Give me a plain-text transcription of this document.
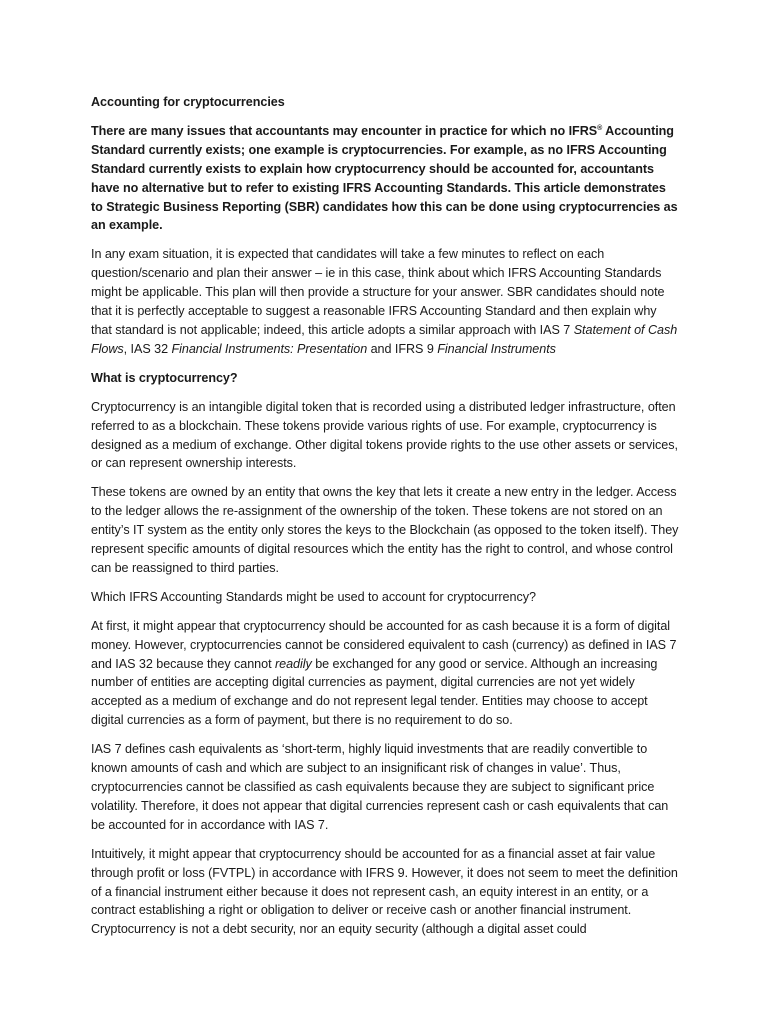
Accounting for cryptocurrencies

There are many issues that accountants may encounter in practice for which no IFRS® Accounting Standard currently exists; one example is cryptocurrencies. For example, as no IFRS Accounting Standard currently exists to explain how cryptocurrency should be accounted for, accountants have no alternative but to refer to existing IFRS Accounting Standards. This article demonstrates to Strategic Business Reporting (SBR) candidates how this can be done using cryptocurrencies as an example.

In any exam situation, it is expected that candidates will take a few minutes to reflect on each question/scenario and plan their answer – ie in this case, think about which IFRS Accounting Standards might be applicable. This plan will then provide a structure for your answer. SBR candidates should note that it is perfectly acceptable to suggest a reasonable IFRS Accounting Standard and then explain why that standard is not applicable; indeed, this article adopts a similar approach with IAS 7 Statement of Cash Flows, IAS 32 Financial Instruments: Presentation and IFRS 9 Financial Instruments

What is cryptocurrency?

Cryptocurrency is an intangible digital token that is recorded using a distributed ledger infrastructure, often referred to as a blockchain. These tokens provide various rights of use. For example, cryptocurrency is designed as a medium of exchange. Other digital tokens provide rights to the use other assets or services, or can represent ownership interests.

These tokens are owned by an entity that owns the key that lets it create a new entry in the ledger. Access to the ledger allows the re-assignment of the ownership of the token. These tokens are not stored on an entity’s IT system as the entity only stores the keys to the Blockchain (as opposed to the token itself). They represent specific amounts of digital resources which the entity has the right to control, and whose control can be reassigned to third parties.

Which IFRS Accounting Standards might be used to account for cryptocurrency?

At first, it might appear that cryptocurrency should be accounted for as cash because it is a form of digital money. However, cryptocurrencies cannot be considered equivalent to cash (currency) as defined in IAS 7 and IAS 32 because they cannot readily be exchanged for any good or service. Although an increasing number of entities are accepting digital currencies as payment, digital currencies are not yet widely accepted as a medium of exchange and do not represent legal tender. Entities may choose to accept digital currencies as a form of payment, but there is no requirement to do so.

IAS 7 defines cash equivalents as ‘short-term, highly liquid investments that are readily convertible to known amounts of cash and which are subject to an insignificant risk of changes in value’. Thus, cryptocurrencies cannot be classified as cash equivalents because they are subject to significant price volatility. Therefore, it does not appear that digital currencies represent cash or cash equivalents that can be accounted for in accordance with IAS 7.

Intuitively, it might appear that cryptocurrency should be accounted for as a financial asset at fair value through profit or loss (FVTPL) in accordance with IFRS 9. However, it does not seem to meet the definition of a financial instrument either because it does not represent cash, an equity interest in an entity, or a contract establishing a right or obligation to deliver or receive cash or another financial instrument. Cryptocurrency is not a debt security, nor an equity security (although a digital asset could
